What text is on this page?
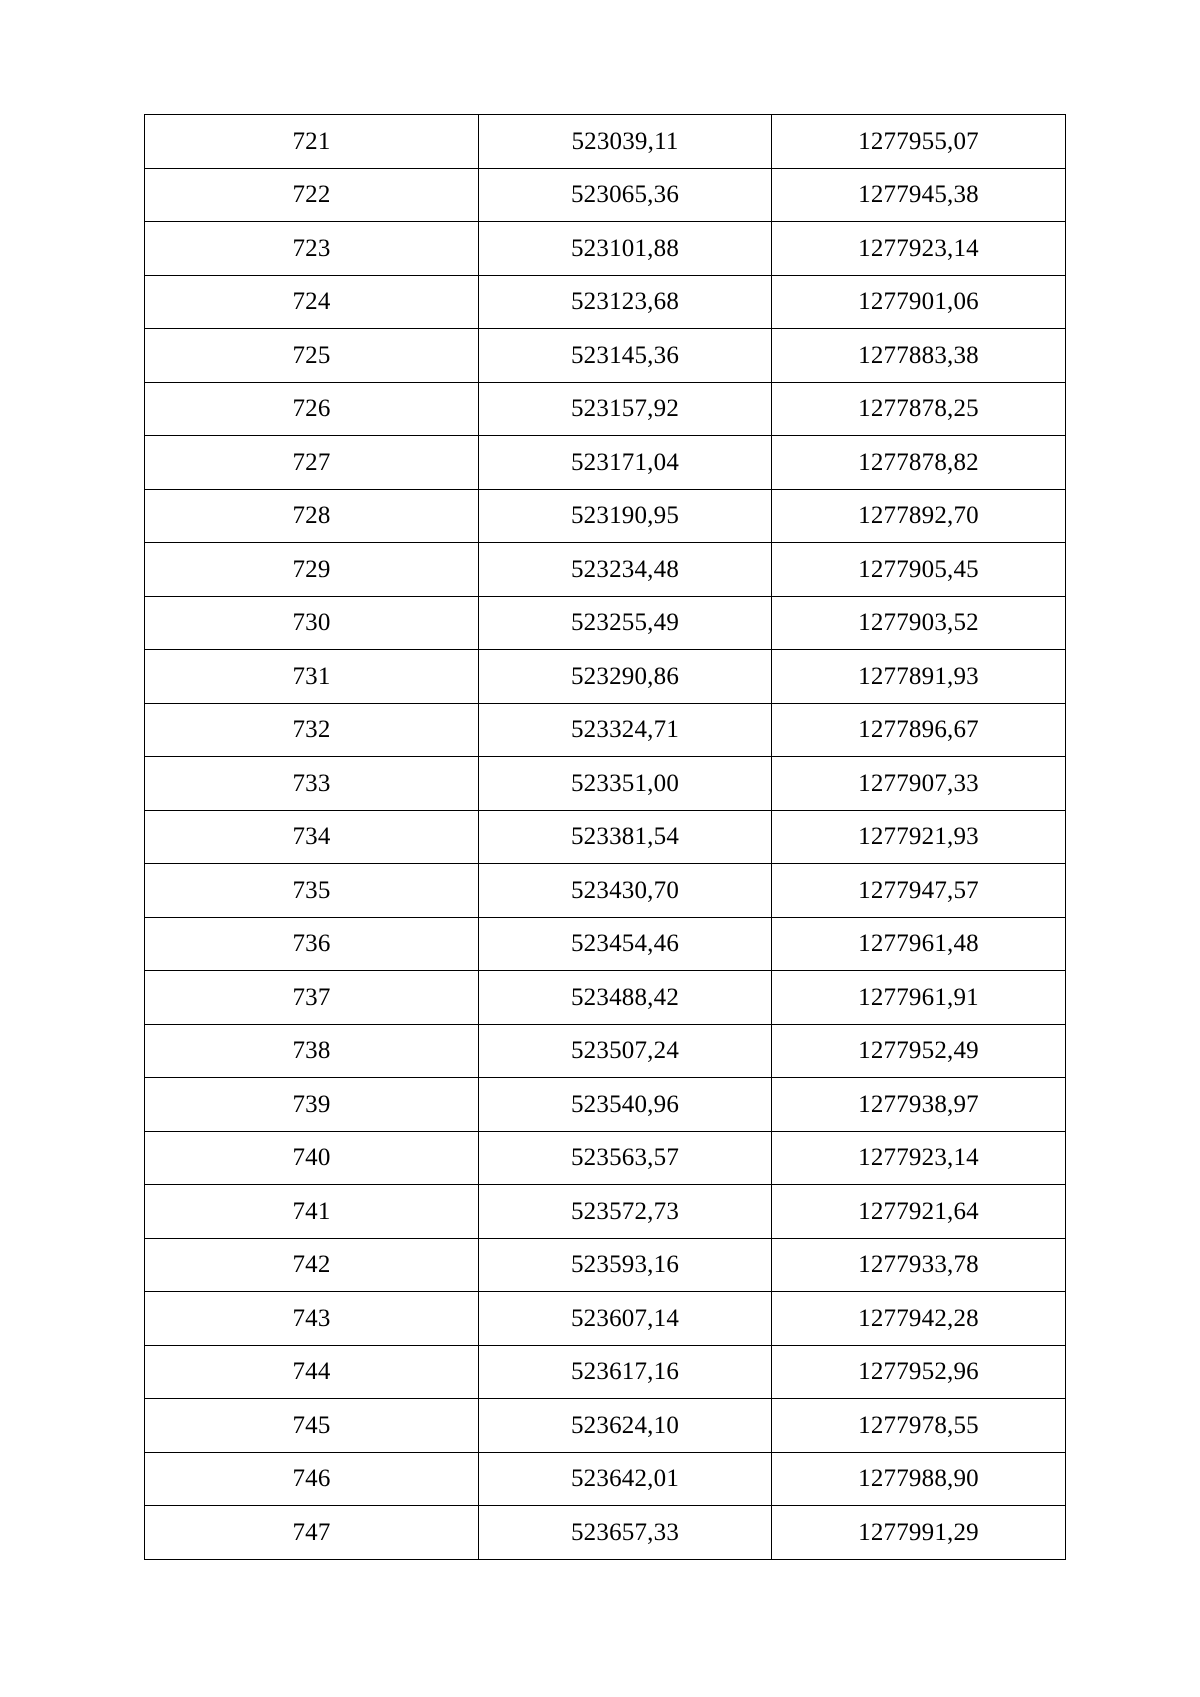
721	523039,11	1277955,07
722	523065,36	1277945,38
723	523101,88	1277923,14
724	523123,68	1277901,06
725	523145,36	1277883,38
726	523157,92	1277878,25
727	523171,04	1277878,82
728	523190,95	1277892,70
729	523234,48	1277905,45
730	523255,49	1277903,52
731	523290,86	1277891,93
732	523324,71	1277896,67
733	523351,00	1277907,33
734	523381,54	1277921,93
735	523430,70	1277947,57
736	523454,46	1277961,48
737	523488,42	1277961,91
738	523507,24	1277952,49
739	523540,96	1277938,97
740	523563,57	1277923,14
741	523572,73	1277921,64
742	523593,16	1277933,78
743	523607,14	1277942,28
744	523617,16	1277952,96
745	523624,10	1277978,55
746	523642,01	1277988,90
747	523657,33	1277991,29
